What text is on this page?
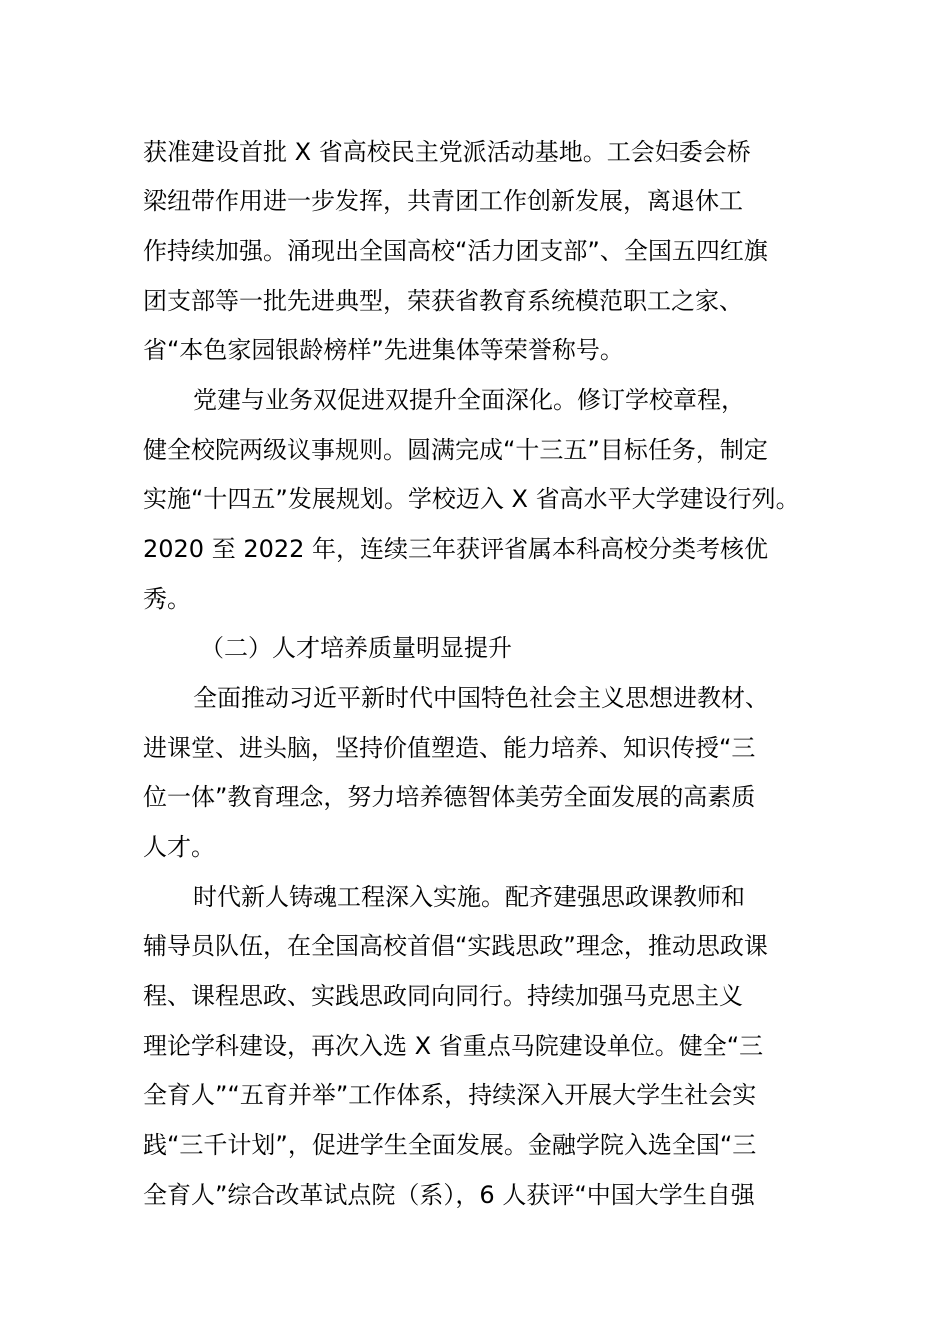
获准建设首批 X 省高校民主党派活动基地。工会妇委会桥
梁纽带作用进一步发挥，共青团工作创新发展，离退休工
作持续加强。涌现出全国高校“活力团支部”、全国五四红旗
团支部等一批先进典型，荣获省教育系统模范职工之家、
省“本色家园银龄榜样”先进集体等荣誉称号。
党建与业务双促进双提升全面深化。修订学校章程，
健全校院两级议事规则。圆满完成“十三五”目标任务，制定
实施“十四五”发展规划。学校迈入 X 省高水平大学建设行列。
2020 至 2022 年，连续三年获评省属本科高校分类考核优
秀。
（二）人才培养质量明显提升
全面推动习近平新时代中国特色社会主义思想进教材、
进课堂、进头脑，坚持价值塑造、能力培养、知识传授“三
位一体”教育理念，努力培养德智体美劳全面发展的高素质
人才。
时代新人铸魂工程深入实施。配齐建强思政课教师和
辅导员队伍，在全国高校首倡“实践思政”理念，推动思政课
程、课程思政、实践思政同向同行。持续加强马克思主义
理论学科建设，再次入选 X 省重点马院建设单位。健全“三
全育人”“五育并举”工作体系，持续深入开展大学生社会实
践“三千计划”，促进学生全面发展。金融学院入选全国“三
全育人”综合改革试点院（系），6 人获评“中国大学生自强
